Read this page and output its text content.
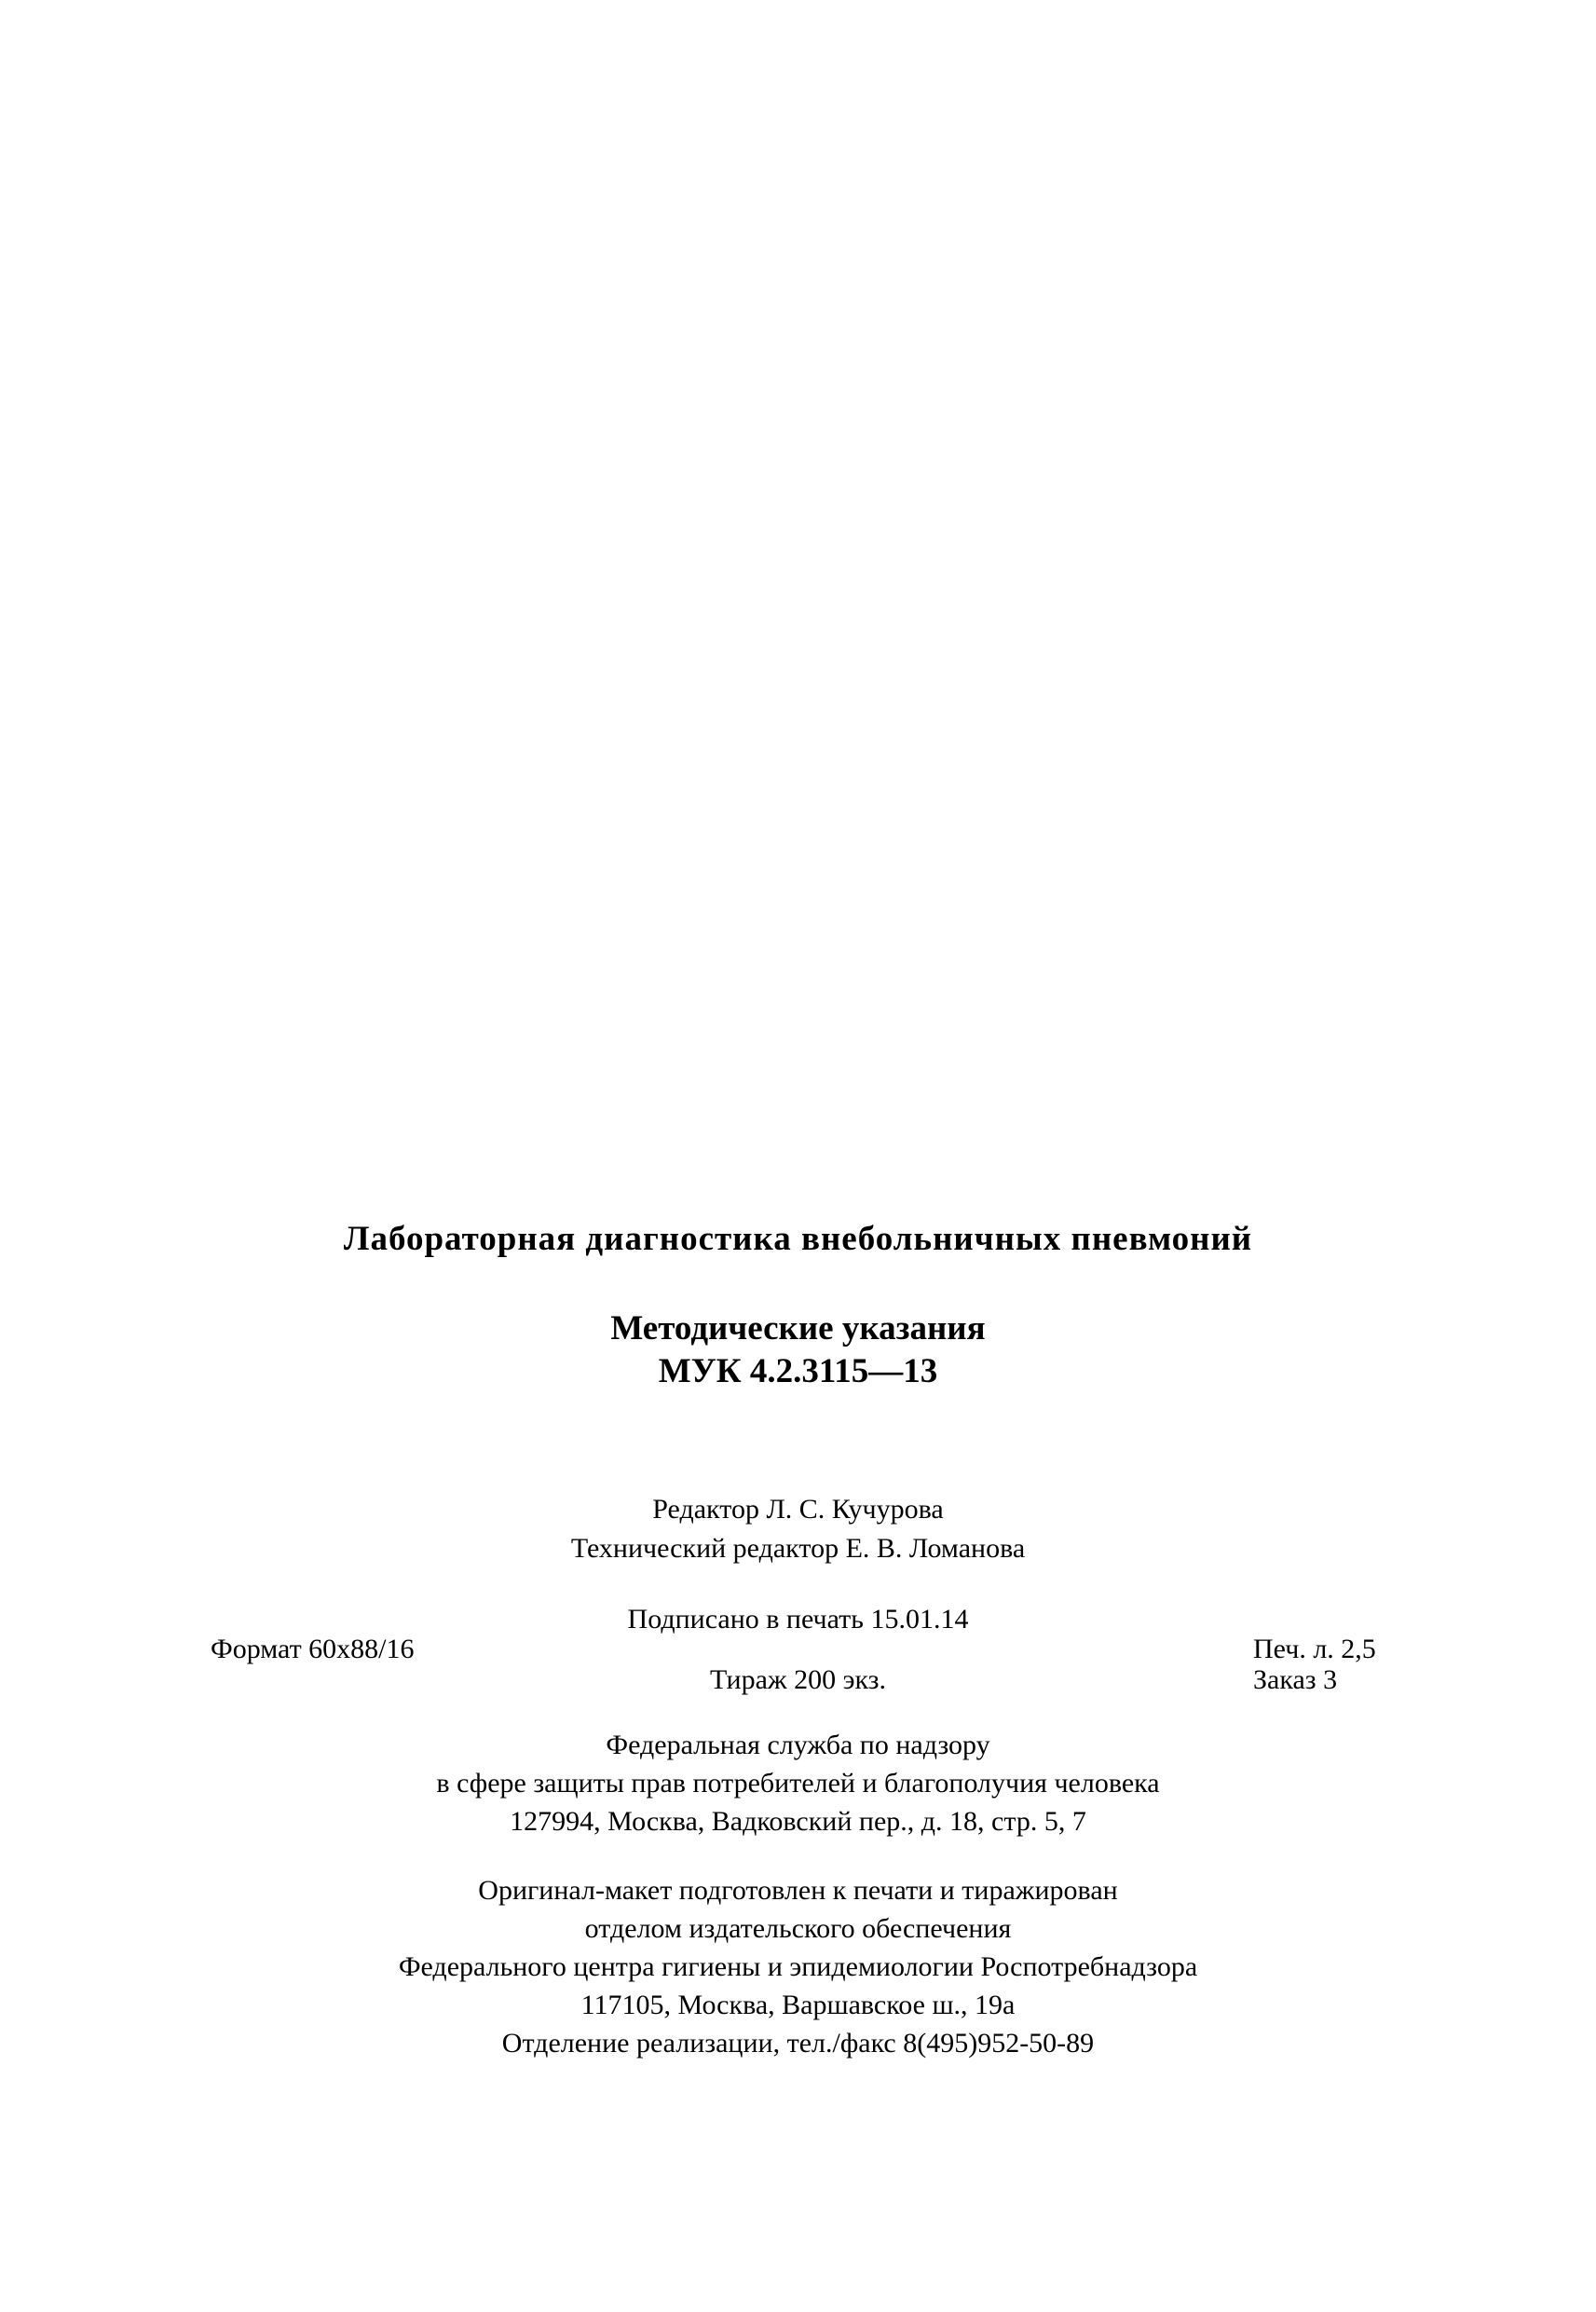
Лабораторная диагностика внебольничных пневмоний
Методические указания
МУК 4.2.3115—13
Редактор Л. С. Кучурова
Технический редактор Е. В. Ломанова
Подписано в печать 15.01.14
Формат 60x88/16	Печ. л. 2,5
Тираж 200 экз.	Заказ 3
Федеральная служба по надзору
в сфере защиты прав потребителей и благополучия человека
127994, Москва, Вадковский пер., д. 18, стр. 5, 7
Оригинал-макет подготовлен к печати и тиражирован
отделом издательского обеспечения
Федерального центра гигиены и эпидемиологии Роспотребнадзора
117105, Москва, Варшавское ш., 19а
Отделение реализации, тел./факс 8(495)952-50-89
